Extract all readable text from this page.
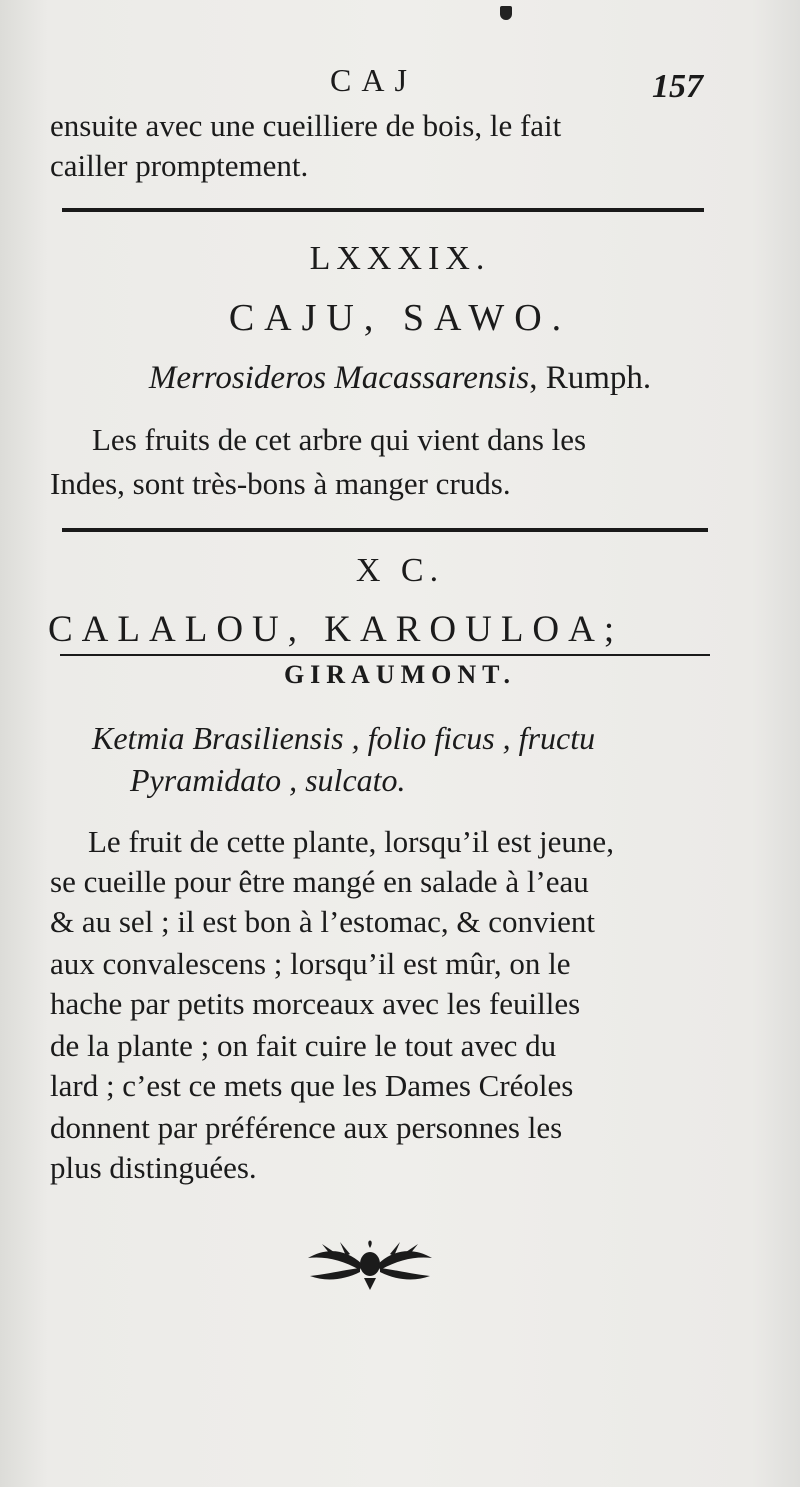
CAJ	157
ensuite avec une cueilliere de bois, le fait
cailler promptement.
LXXXIX.
CAJU, SAWO.
Merrosideros Macassarensis, Rumph.
Les fruits de cet arbre qui vient dans les
Indes, sont très-bons à manger cruds.
X C.
CALALOU, KAROULOA;
GIRAUMONT.
Ketmia Brasiliensis , folio ficus , fructu
Pyramidato , sulcato.
Le fruit de cette plante, lorsqu’il est jeune,
se cueille pour être mangé en salade à l’eau
& au sel ; il est bon à l’estomac, & convient
aux convalescens ; lorsqu’il est mûr, on le
hache par petits morceaux avec les feuilles
de la plante ; on fait cuire le tout avec du
lard ; c’est ce mets que les Dames Créoles
donnent par préférence aux personnes les
plus distinguées.
